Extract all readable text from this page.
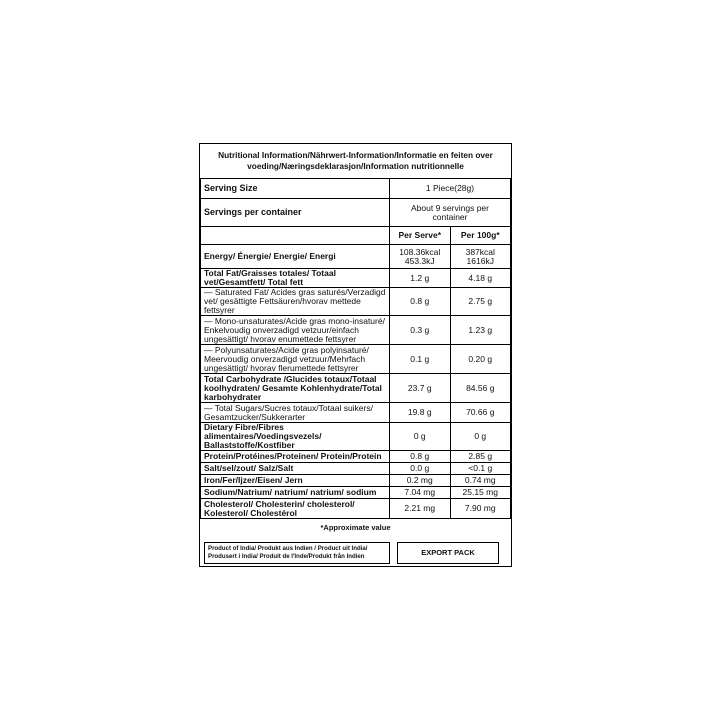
Nutritional Information/Nährwert-Information/Informatie en feiten over voeding/Næringsdeklarasjon/Information nutritionnelle
Serving Size	1 Piece(28g)	
Servings per container	About 9 servings per container	
	Per Serve*	Per 100g*
Energy/ Énergie/ Energie/ Energi	108.36kcal 453.3kJ	387kcal 1616kJ
Total Fat/Graisses totales/ Totaal vet/Gesamtfett/ Total fett	1.2 g	4.18 g
— Saturated Fat/ Acides gras saturés/Verzadigd vet/ gesättigte Fettsäuren/hvorav mettede fettsyrer	0.8 g	2.75 g
— Mono-unsaturates/Acide gras mono-insaturé/ Enkelvoudig onverzadigd vetzuur/einfach ungesättigt/ hvorav enumettede fettsyrer	0.3 g	1.23 g
— Polyunsaturates/Acide gras polyinsaturé/ Meervoudig onverzadigd vetzuur/Mehrfach ungesättigt/ hvorav flerumettede fettsyrer	0.1 g	0.20 g
Total Carbohydrate /Glucides totaux/Totaal koolhydraten/ Gesamte Kohlenhydrate/Total karbohydrater	23.7 g	84.56 g
— Total Sugars/Sucres totaux/Totaal suikers/ Gesamtzucker/Sukkerarter	19.8 g	70.66 g
Dietary Fibre/Fibres alimentaires/Voedingsvezels/ Ballaststoffe/Kostfiber	0 g	0 g
Protein/Protéines/Proteinen/ Protein/Protein	0.8 g	2.85 g
Salt/sel/zout/ Salz/Salt	0.0 g	<0.1 g
Iron/Fer/Ijzer/Eisen/ Jern	0.2 mg	0.74 mg
Sodium/Natrium/ natrium/ natrium/ sodium	7.04 mg	25.15 mg
Cholesterol/ Cholesterin/ cholesterol/ Kolesterol/ Cholestérol	2.21 mg	7.90 mg
*Approximate value
Product of India/ Produkt aus Indien / Product uit India/ Produsert i India/ Produit de l'Inde/Produkt från Indien	EXPORT PACK
